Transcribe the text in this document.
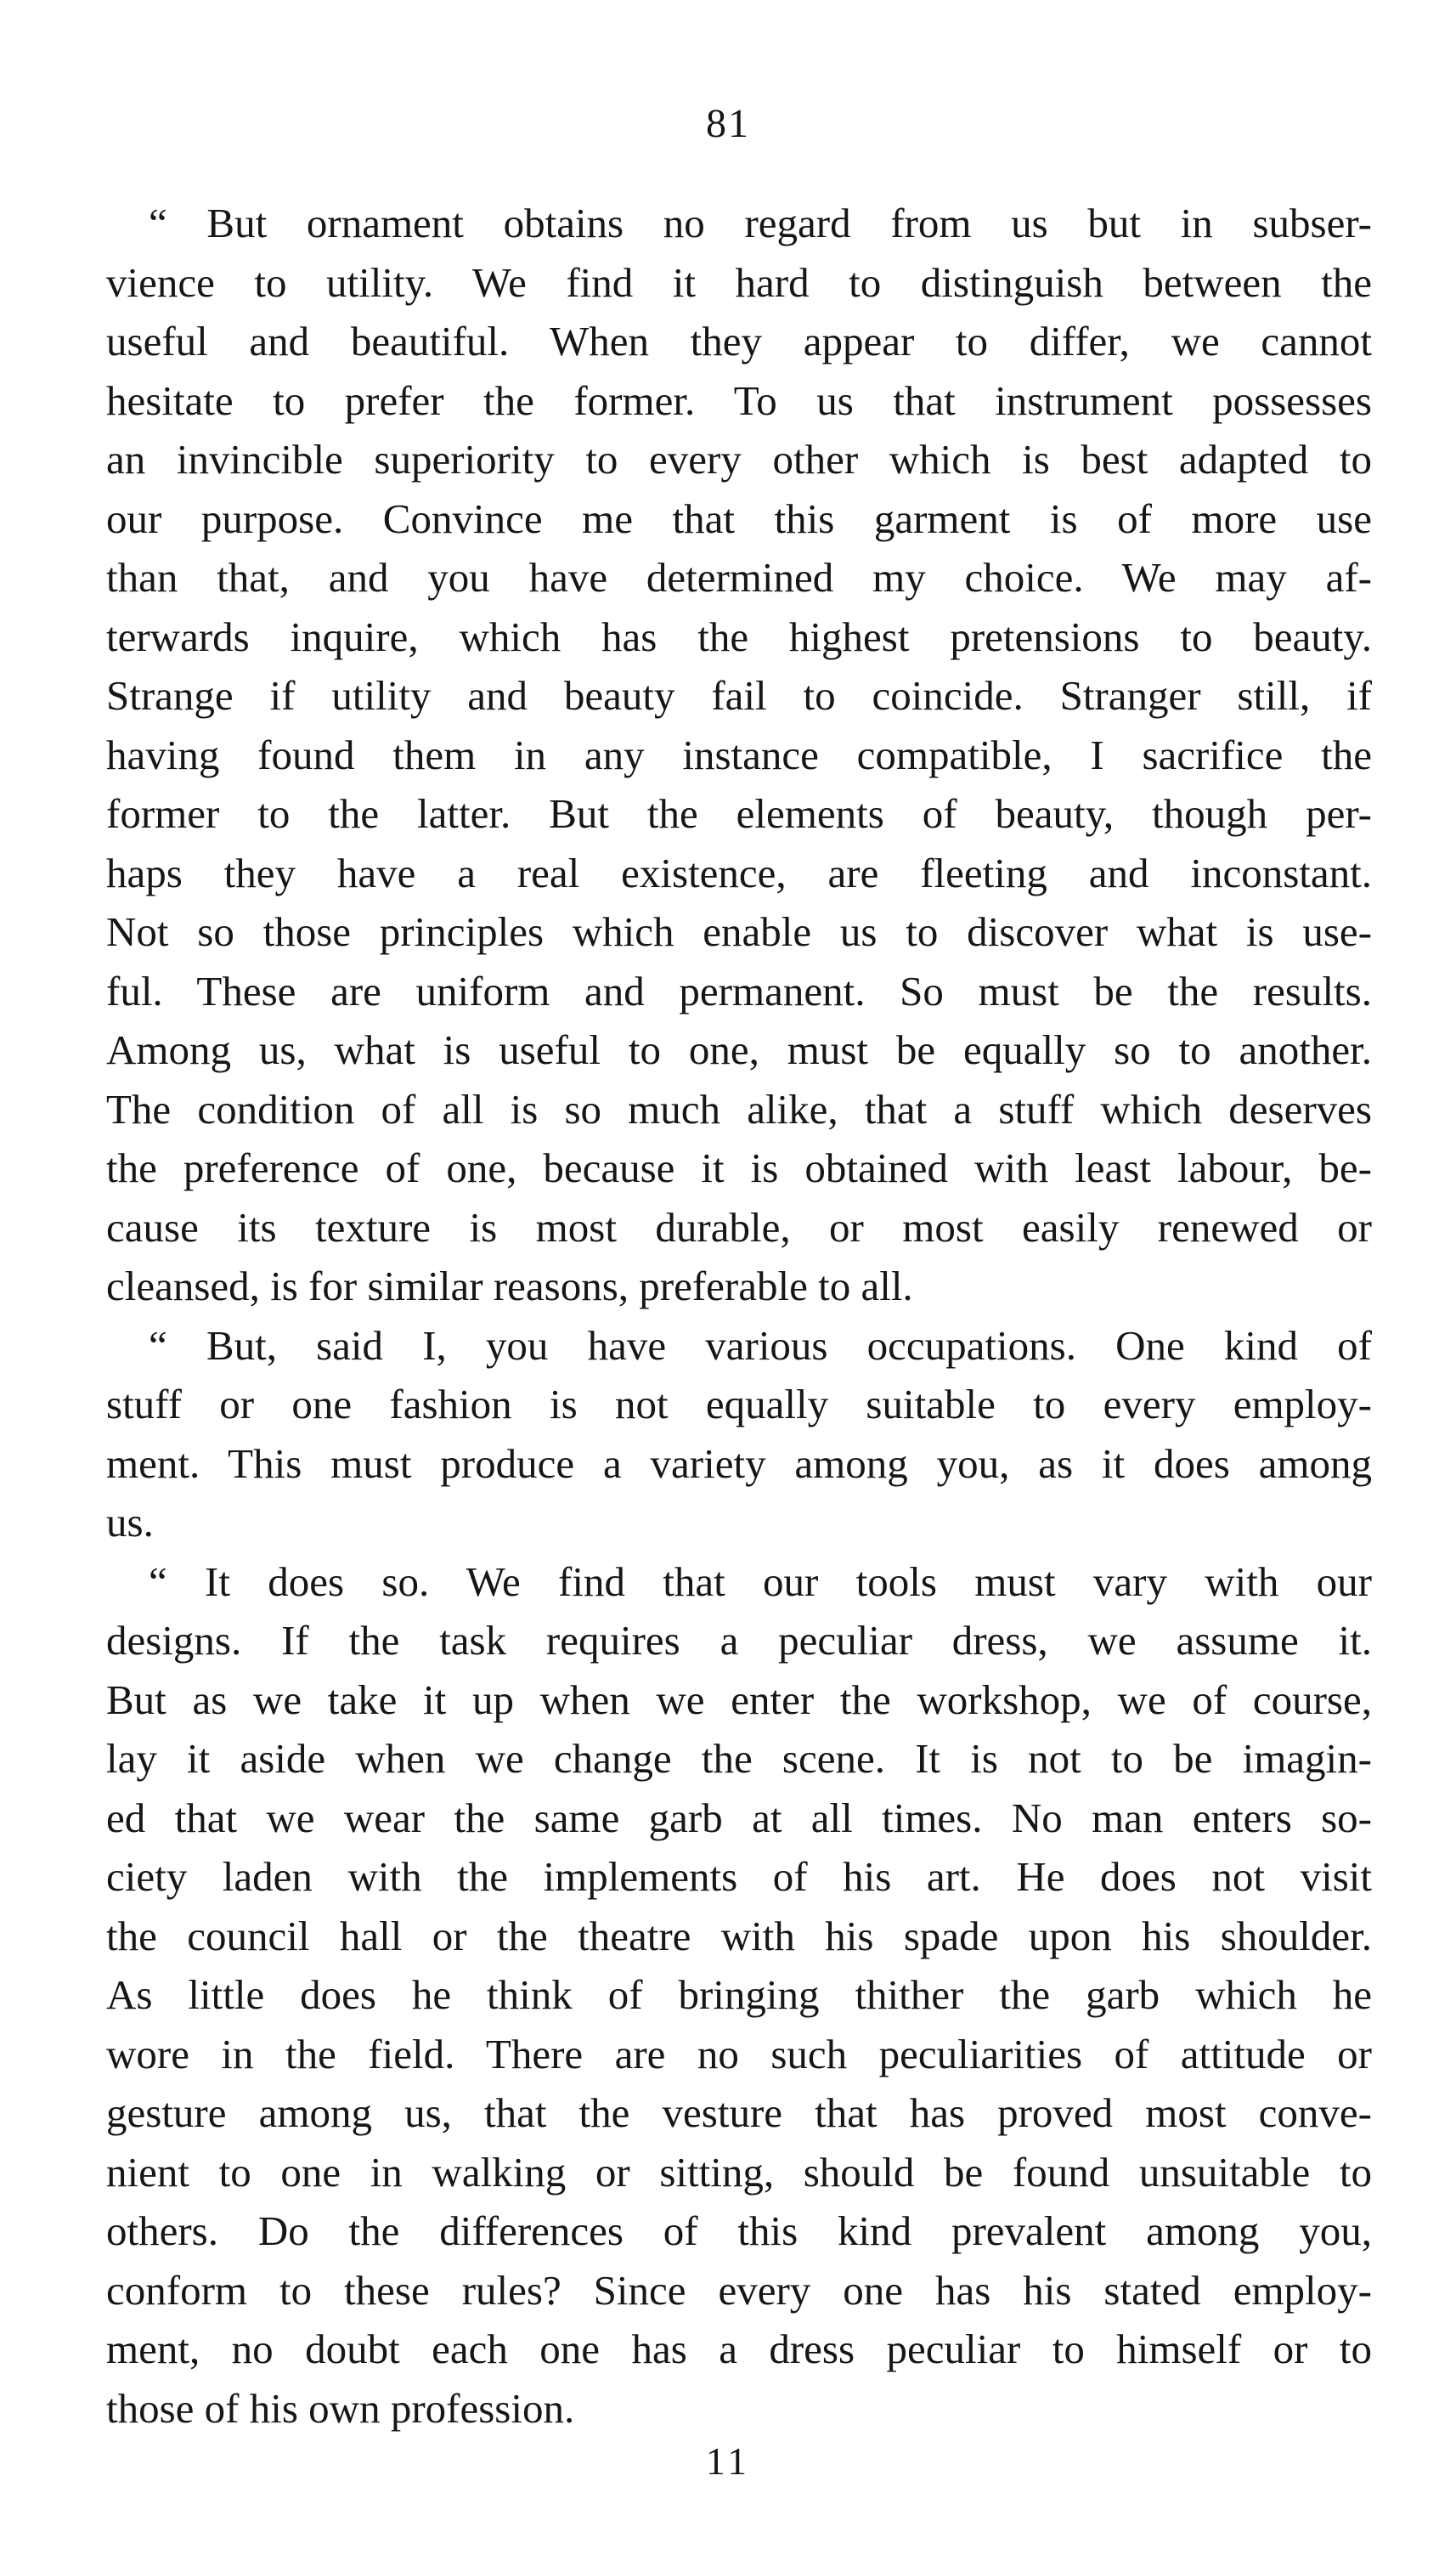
81
“ But ornament obtains no regard from us but in subser-
vience to utility. We find it hard to distinguish between the
useful and beautiful. When they appear to differ, we cannot
hesitate to prefer the former. To us that instrument possesses
an invincible superiority to every other which is best adapted to
our purpose. Convince me that this garment is of more use
than that, and you have determined my choice. We may af-
terwards inquire, which has the highest pretensions to beauty.
Strange if utility and beauty fail to coincide. Stranger still, if
having found them in any instance compatible, I sacrifice the
former to the latter. But the elements of beauty, though per-
haps they have a real existence, are fleeting and inconstant.
Not so those principles which enable us to discover what is use-
ful. These are uniform and permanent. So must be the results.
Among us, what is useful to one, must be equally so to another.
The condition of all is so much alike, that a stuff which deserves
the preference of one, because it is obtained with least labour, be-
cause its texture is most durable, or most easily renewed or
cleansed, is for similar reasons, preferable to all.
“ But, said I, you have various occupations. One kind of
stuff or one fashion is not equally suitable to every employ-
ment. This must produce a variety among you, as it does among
us.
“ It does so. We find that our tools must vary with our
designs. If the task requires a peculiar dress, we assume it.
But as we take it up when we enter the workshop, we of course,
lay it aside when we change the scene. It is not to be imagin-
ed that we wear the same garb at all times. No man enters so-
ciety laden with the implements of his art. He does not visit
the council hall or the theatre with his spade upon his shoulder.
As little does he think of bringing thither the garb which he
wore in the field. There are no such peculiarities of attitude or
gesture among us, that the vesture that has proved most conve-
nient to one in walking or sitting, should be found unsuitable to
others. Do the differences of this kind prevalent among you,
conform to these rules? Since every one has his stated employ-
ment, no doubt each one has a dress peculiar to himself or to
those of his own profession.
11
